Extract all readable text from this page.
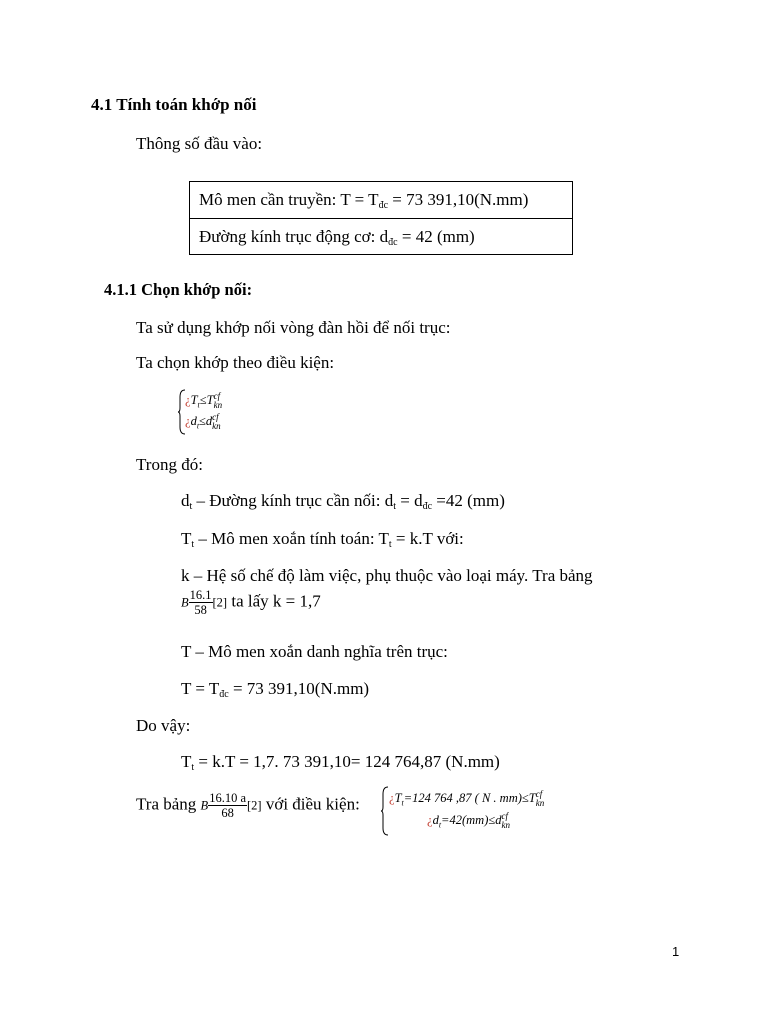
4.1 Tính toán khớp nối
Thông số đầu vào:
Mô men cần truyền: $T = T_{đc} = 73$ 391,10(N.mm)
Đường kính trục động cơ: $d_{đc} = 42$ (mm)
4.1.1 Chọn khớp nối:
Ta sử dụng khớp nối vòng đàn hồi để nối trục:
Ta chọn khớp theo điều kiện:
¿$T_t\le T$ cf
kn
¿$d_t\le d$ cf
kn
Trong đó:
$d_t$ – Đường kính trục cần nối: $d_t = d_{đc} =42$ (mm)
$T_t$ – Mô men xoắn tính toán: $T_t = k.T$ với:
k – Hệ số chế độ làm việc, phụ thuộc vào loại máy. Tra bảng
B $\frac{16.1}{58} [2]$ ta lấy k = 1,7
T – Mô men xoắn danh nghĩa trên trục:
$T = T_{đc} = 73$ 391,10(N.mm)
Do vậy:
$T_t = k.T = 1,7$. 73 391,10= 124 764,87 (N.mm)
Tra bảng B $\frac{16.10 a}{68} [2]$ với điều kiện: ¿$T_t=124$ 764 ,87 ( N . mm)≤T cf
kn
¿$d_t=42(mm)\le d$ cf
kn
1
